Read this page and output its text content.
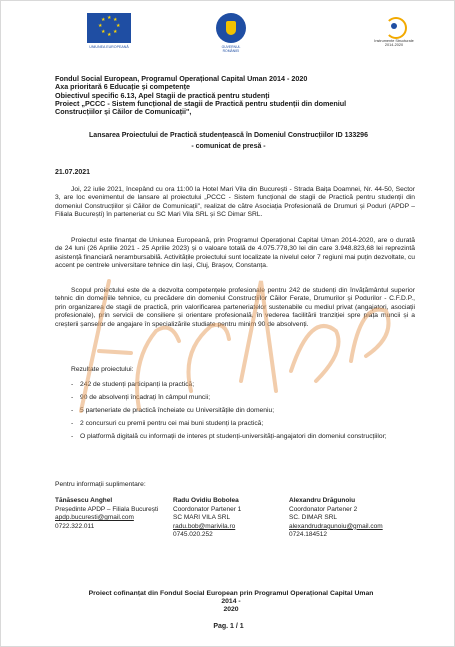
★ ★
★
★
★
★
★
★
UNIUNEA EUROPEANĂ	GUVERNUL ROMÂNIEI
Instrumente Structurale
2014-2020
Fondul Social European, Programul Operațional Capital Uman 2014 - 2020
Axa prioritară 6 Educație și competențe
Obiectivul specific 6.13, Apel Stagii de practică pentru studenți
Proiect „PCCC - Sistem funcțional de stagii de Practică pentru studenții din domeniul
Construcțiilor și Căilor de Comunicații",
Lansarea Proiectului de Practică studențească în Domeniul Construcțiilor ID 133296
- comunicat de presă -
21.07.2021

Joi, 22 iulie 2021, începând cu ora 11:00 la Hotel Mari Vila din București - Strada Baița Doamnei, Nr. 44-50, Sector 3, are loc evenimentul de lansare al proiectului „PCCC - Sistem funcțional de stagii de Practică pentru studenții din domeniul Construcțiilor și Căilor de Comunicații", realizat de către Asociația Profesională de Drumuri și Poduri (APDP – Filiala București) în parteneriat cu SC Mari Vila SRL și SC Dimar SRL.

Proiectul este finanțat de Uniunea Europeană, prin Programul Operațional Capital Uman 2014-2020, are o durată de 24 luni (26 Aprilie 2021 - 25 Aprilie 2023) și o valoare totală de 4.075.778,30 lei din care 3.948.823,68 lei reprezintă asistență financiară nerambursabilă. Activitățile proiectului sunt localizate la nivelul celor 7 regiuni mai puțin dezvoltate, cu accent pe centrele universitare tehnice din Iași, Cluj, Brașov, Constanța.

Scopul proiectului este de a dezvolta competențele profesionale pentru 242 de studenți din învățământul superior tehnic din domeniile tehnice, cu precădere din domeniul Construcțiilor Căilor Ferate, Drumurilor și Podurilor - C.F.D.P., prin organizarea de stagii de practică, prin valorificarea parteneriatelor sustenabile cu mediul privat (angajatori, asociații profesionale), prin servicii de consiliere și orientare profesională, în vederea facilitării tranziției spre piața muncii și a creșterii șanselor de angajare în specializările studiate pentru minim 90 de absolvenți.

Rezultate proiectului:
- 242 de studenți participanți la practică;
- 90 de absolvenți încadrați în câmpul muncii;
- 5 parteneriate de practică încheiate cu Universitățile din domeniu;
- 2 concursuri cu premii pentru cei mai buni studenți la practică;
- O platformă digitală cu informații de interes pt studenți-universități-angajatori din domeniul construcțiilor;
Pentru informații suplimentare:
Tănăsescu Anghel
Președinte APDP – Filiala București
apdp.bucuresti@gmail.com
0722.322.011
Radu Ovidiu Bobolea
Coordonator Partener 1
SC MARI VILA SRL
radu.bob@marivila.ro
0745.020.252
Alexandru Drăgunoiu
Coordonator Partener 2
SC. DIMAR SRL
alexandrudragunoiu@gmail.com
0724.184512
Proiect cofinanțat din Fondul Social European prin Programul Operațional Capital Uman 2014 -
2020
Pag. 1 / 1
